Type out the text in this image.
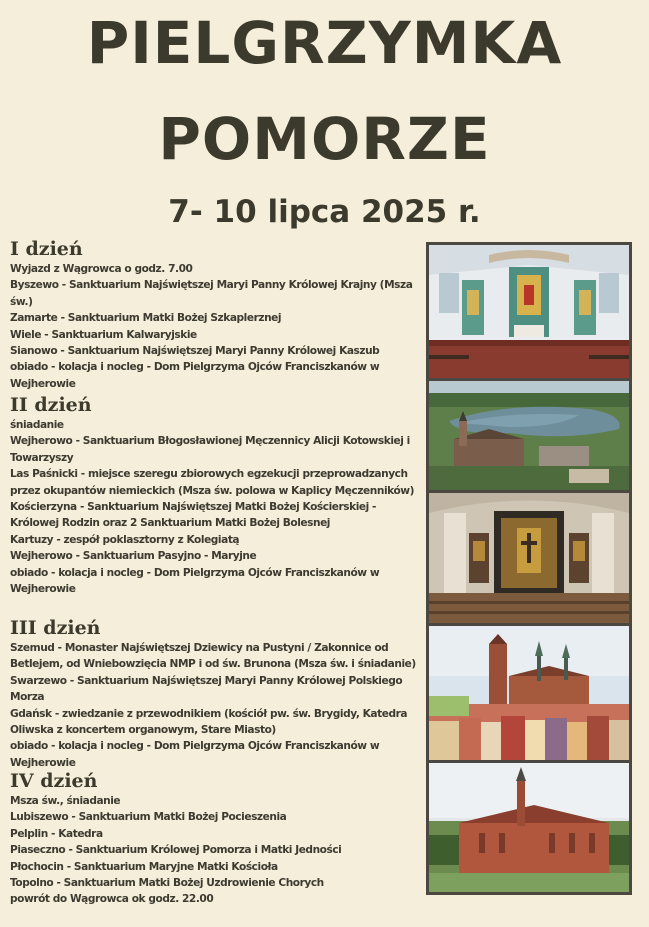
PIELGRZYMKA
POMORZE
7- 10 lipca 2025 r.
I dzień
Wyjazd z Wągrowca o godz. 7.00
Byszewo - Sanktuarium Najświętszej Maryi Panny Królowej Krajny (Msza św.)
Zamarte - Sanktuarium Matki Bożej Szkaplerznej
Wiele - Sanktuarium Kalwaryjskie
Sianowo - Sanktuarium Najświętszej Maryi Panny Królowej Kaszub
obiado - kolacja i nocleg - Dom Pielgrzyma Ojców Franciszkanów w Wejherowie
II dzień
śniadanie
Wejherowo - Sanktuarium Błogosławionej Męczennicy Alicji Kotowskiej i Towarzyszy
Las Paśnicki - miejsce szeregu zbiorowych egzekucji przeprowadzanych przez okupantów niemieckich (Msza św. polowa w Kaplicy Męczenników)
Kościerzyna - Sanktuarium Najświętszej Matki Bożej Kościerskiej - Królowej Rodzin oraz 2 Sanktuarium Matki Bożej Bolesnej
Kartuzy - zespół poklasztorny z Kolegiatą
Wejherowo - Sanktuarium Pasyjno - Maryjne
obiado - kolacja i nocleg - Dom Pielgrzyma Ojców Franciszkanów w Wejherowie
III dzień
Szemud - Monaster Najświętszej Dziewicy na Pustyni / Zakonnice od Betlejem, od Wniebowzięcia NMP i od św. Brunona (Msza św. i śniadanie)
Swarzewo - Sanktuarium Najświętszej Maryi Panny Królowej Polskiego Morza
Gdańsk - zwiedzanie z przewodnikiem (kościół pw. św. Brygidy, Katedra Oliwska z koncertem organowym, Stare Miasto)
obiado - kolacja i nocleg - Dom Pielgrzyma Ojców Franciszkanów w Wejherowie
IV dzień
Msza św., śniadanie
Lubiszewo - Sanktuarium Matki Bożej Pocieszenia
Pelplin - Katedra
Piaseczno - Sanktuarium Królowej Pomorza i Matki Jedności
Płochocin - Sanktuarium Maryjne Matki Kościoła
Topolno - Sanktuarium Matki Bożej Uzdrowienie Chorych
powrót do Wągrowca ok godz. 22.00
